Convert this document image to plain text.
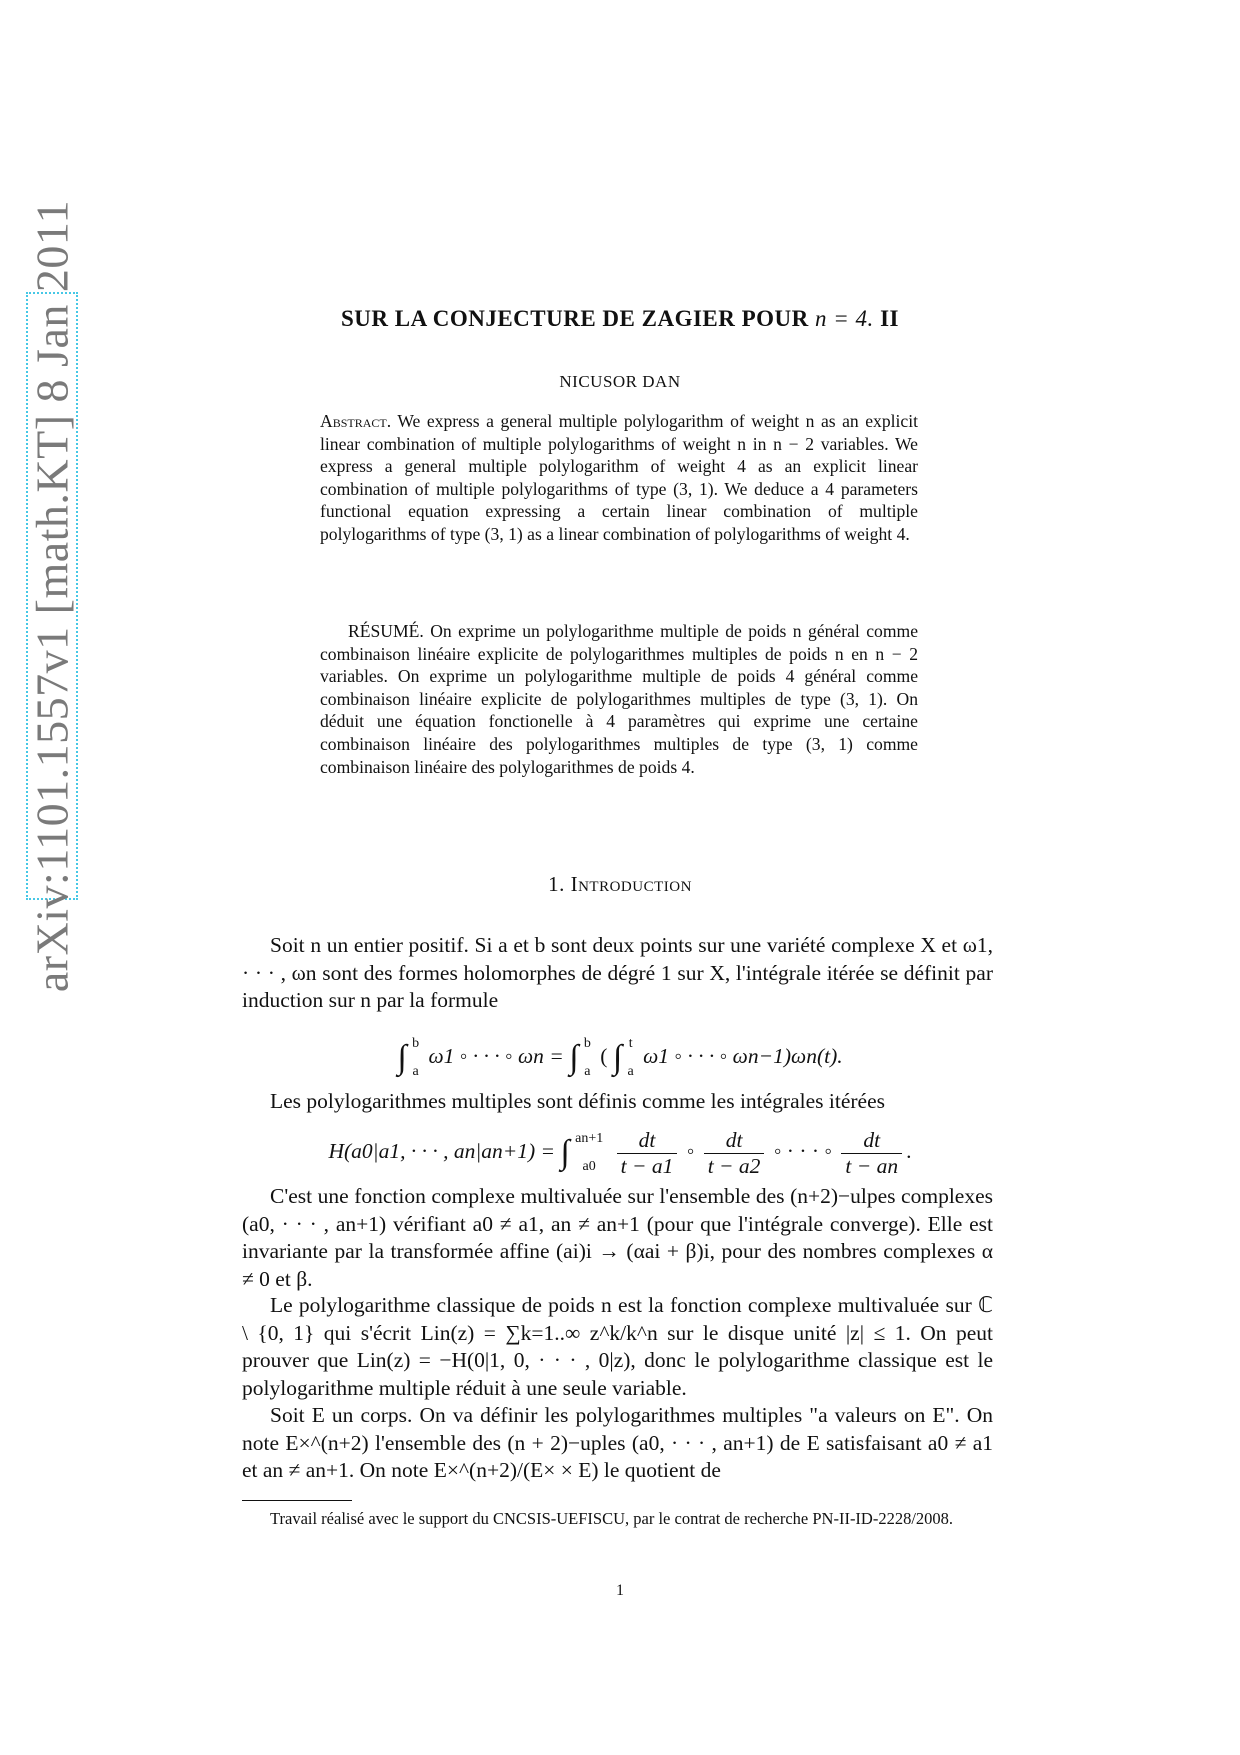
arXiv:1101.1557v1 [math.KT] 8 Jan 2011	SUR LA CONJECTURE DE ZAGIER POUR n = 4. II
NICUSOR DAN
Abstract. We express a general multiple polylogarithm of weight n as an explicit linear combination of multiple polylogarithms of weight n in n − 2 variables. We express a general multiple polylogarithm of weight 4 as an explicit linear combination of multiple polylogarithms of type (3, 1). We deduce a 4 parameters functional equation expressing a certain linear combination of multiple polylogarithms of type (3, 1) as a linear combination of polylogarithms of weight 4.
RÉSUMÉ. On exprime un polylogarithme multiple de poids n général comme combinaison linéaire explicite de polylogarithmes multiples de poids n en n − 2 variables. On exprime un polylogarithme multiple de poids 4 général comme combinaison linéaire explicite de polylogarithmes multiples de type (3, 1). On déduit une équation fonctionelle à 4 paramètres qui exprime une certaine combinaison linéaire des polylogarithmes multiples de type (3, 1) comme combinaison linéaire des polylogarithmes de poids 4.
1. Introduction
Soit n un entier positif. Si a et b sont deux points sur une variété complexe X et ω1, · · · , ωn sont des formes holomorphes de dégré 1 sur X, l'intégrale itérée se définit par induction sur n par la formule
∫ b
a
ω1 ◦ · · · ◦ ωn = ∫ b
a
( ∫ t
a
ω1 ◦ · · · ◦ ωn−1)ωn(t).
Les polylogarithmes multiples sont définis comme les intégrales itérées
H(a0|a1, · · · , an|an+1) = ∫ an+1
a0
$\frac{dt}{t - a1}$ ◦ $\frac{dt}{t - a2}$ ◦ · · · ◦ $\frac{dt}{t - an}$ .
C'est une fonction complexe multivaluée sur l'ensemble des (n+2)−ulpes complexes (a0, · · · , an+1) vérifiant a0 ≠ a1, an ≠ an+1 (pour que l'intégrale converge). Elle est invariante par la transformée affine (ai)i → (αai + β)i, pour des nombres complexes α ≠ 0 et β.
Le polylogarithme classique de poids n est la fonction complexe multivaluée sur ℂ \ {0, 1} qui s'écrit Lin(z) = ∑k=1..∞ z^k/k^n sur le disque unité |z| ≤ 1. On peut prouver que Lin(z) = −H(0|1, 0, · · · , 0|z), donc le polylogarithme classique est le polylogarithme multiple réduit à une seule variable.
Soit E un corps. On va définir les polylogarithmes multiples "a valeurs on E". On note E×^(n+2) l'ensemble des (n + 2)−uples (a0, · · · , an+1) de E satisfaisant a0 ≠ a1 et an ≠ an+1. On note E×^(n+2)/(E× × E) le quotient de
Travail réalisé avec le support du CNCSIS-UEFISCU, par le contrat de recherche PN-II-ID-2228/2008.
1
